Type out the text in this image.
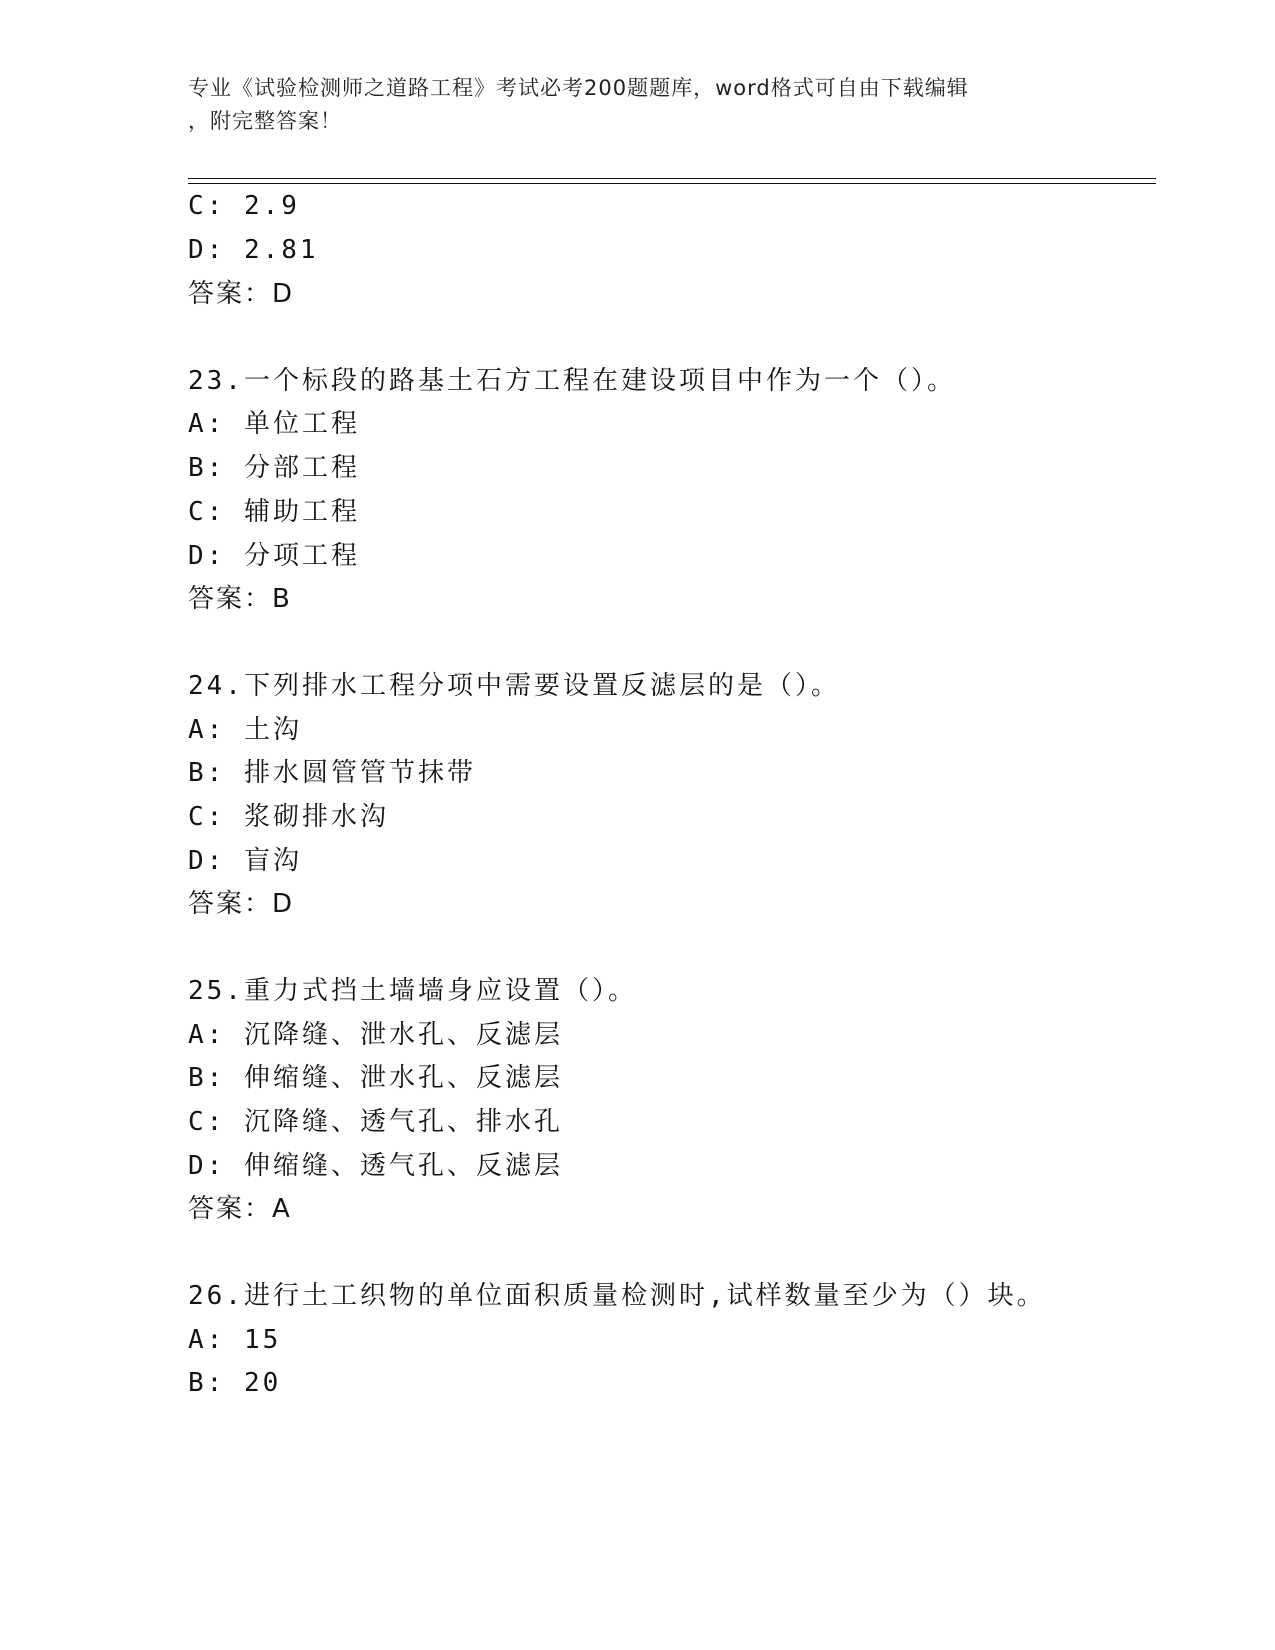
专业《试验检测师之道路工程》考试必考200题题库，word格式可自由下载编辑
，附完整答案！
C: 2.9
D: 2.81
答案：D
23.一个标段的路基土石方工程在建设项目中作为一个（）。
A: 单位工程
B: 分部工程
C: 辅助工程
D: 分项工程
答案：B
24.下列排水工程分项中需要设置反滤层的是（）。
A: 土沟
B: 排水圆管管节抹带
C: 浆砌排水沟
D: 盲沟
答案：D
25.重力式挡土墙墙身应设置（）。
A: 沉降缝、泄水孔、反滤层
B: 伸缩缝、泄水孔、反滤层
C: 沉降缝、透气孔、排水孔
D: 伸缩缝、透气孔、反滤层
答案：A
26.进行土工织物的单位面积质量检测时,试样数量至少为（）块。
A: 15
B: 20
